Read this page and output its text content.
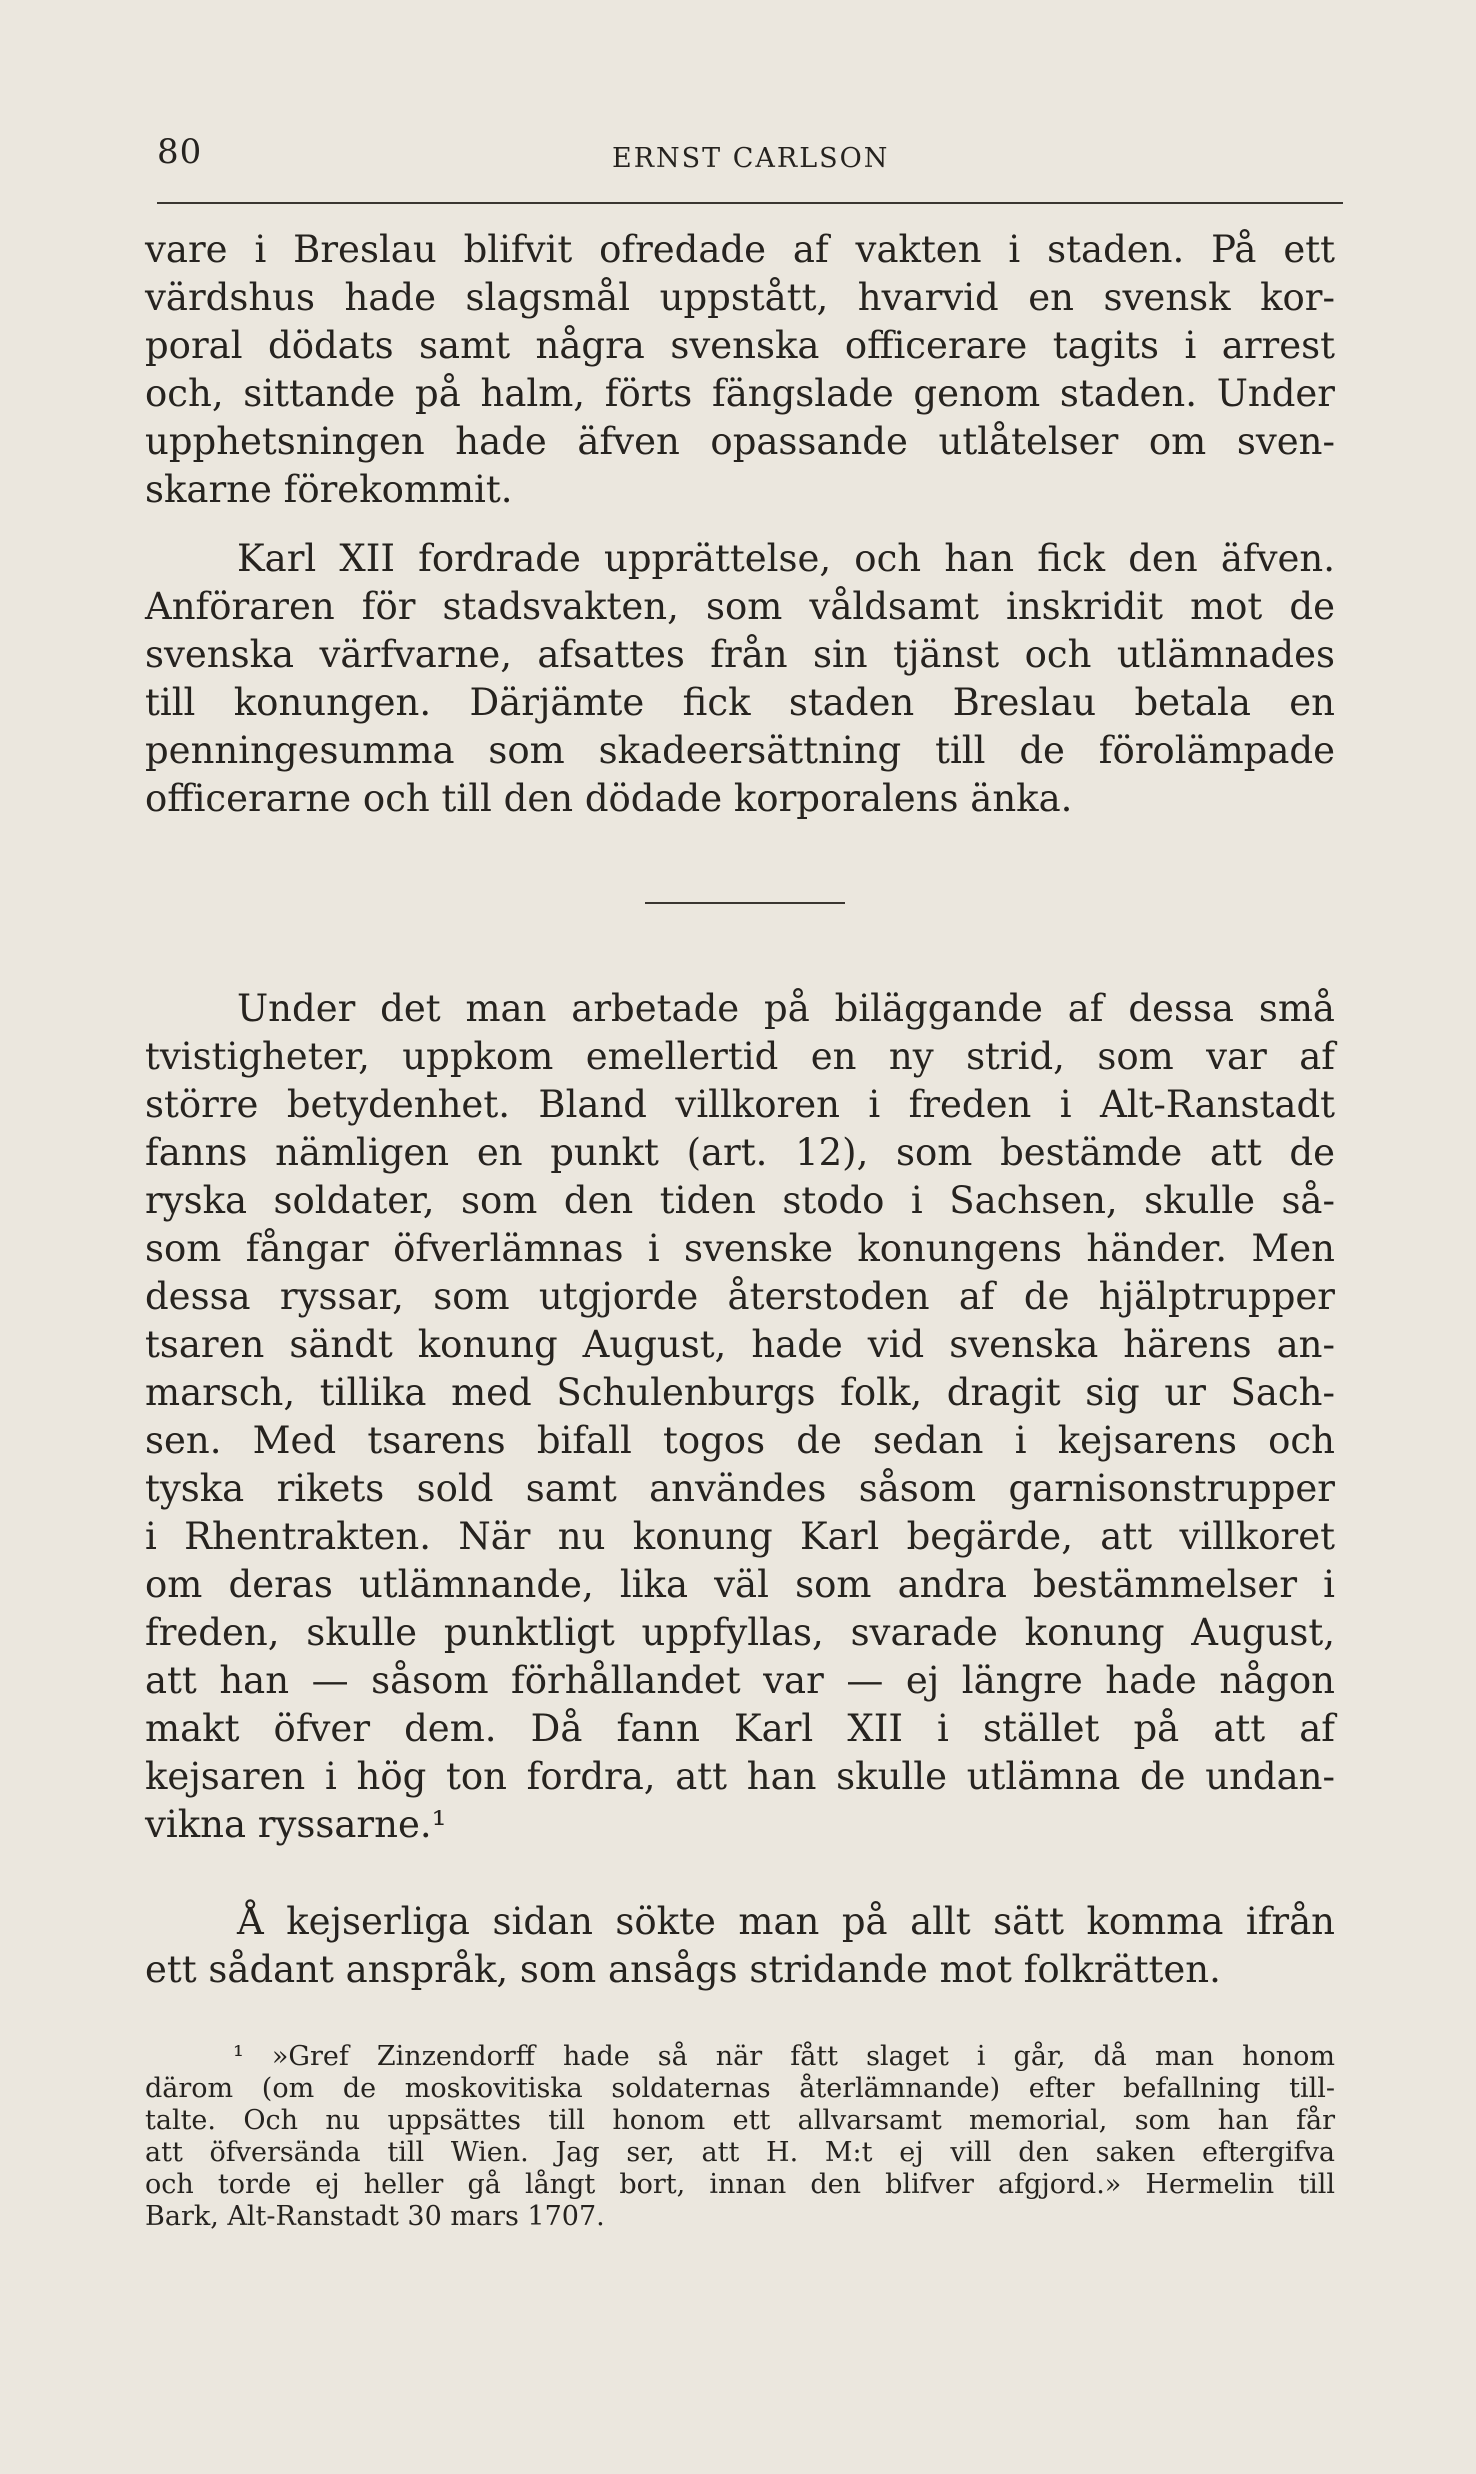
80	ERNST CARLSON
vare i Breslau blifvit ofredade af vakten i staden. På ett
värdshus hade slagsmål uppstått, hvarvid en svensk kor-
poral dödats samt några svenska officerare tagits i arrest
och, sittande på halm, förts fängslade genom staden. Under
upphetsningen hade äfven opassande utlåtelser om sven-
skarne förekommit.
Karl XII fordrade upprättelse, och han fick den äfven.
Anföraren för stadsvakten, som våldsamt inskridit mot de
svenska värfvarne, afsattes från sin tjänst och utlämnades
till konungen. Därjämte fick staden Breslau betala en
penningesumma som skadeersättning till de förolämpade
officerarne och till den dödade korporalens änka.
Under det man arbetade på biläggande af dessa små
tvistigheter, uppkom emellertid en ny strid, som var af
större betydenhet. Bland villkoren i freden i Alt-Ranstadt
fanns nämligen en punkt (art. 12), som bestämde att de
ryska soldater, som den tiden stodo i Sachsen, skulle så-
som fångar öfverlämnas i svenske konungens händer. Men
dessa ryssar, som utgjorde återstoden af de hjälptrupper
tsaren sändt konung August, hade vid svenska härens an-
marsch, tillika med Schulenburgs folk, dragit sig ur Sach-
sen. Med tsarens bifall togos de sedan i kejsarens och
tyska rikets sold samt användes såsom garnisonstrupper
i Rhentrakten. När nu konung Karl begärde, att villkoret
om deras utlämnande, lika väl som andra bestämmelser i
freden, skulle punktligt uppfyllas, svarade konung August,
att han — såsom förhållandet var — ej längre hade någon
makt öfver dem. Då fann Karl XII i stället på att af
kejsaren i hög ton fordra, att han skulle utlämna de undan-
vikna ryssarne.¹
Å kejserliga sidan sökte man på allt sätt komma ifrån
ett sådant anspråk, som ansågs stridande mot folkrätten.
¹ »Gref Zinzendorff hade så när fått slaget i går, då man honom
därom (om de moskovitiska soldaternas återlämnande) efter befallning till-
talte. Och nu uppsättes till honom ett allvarsamt memorial, som han får
att öfversända till Wien. Jag ser, att H. M:t ej vill den saken eftergifva
och torde ej heller gå långt bort, innan den blifver afgjord.» Hermelin till
Bark, Alt-Ranstadt 30 mars 1707.
